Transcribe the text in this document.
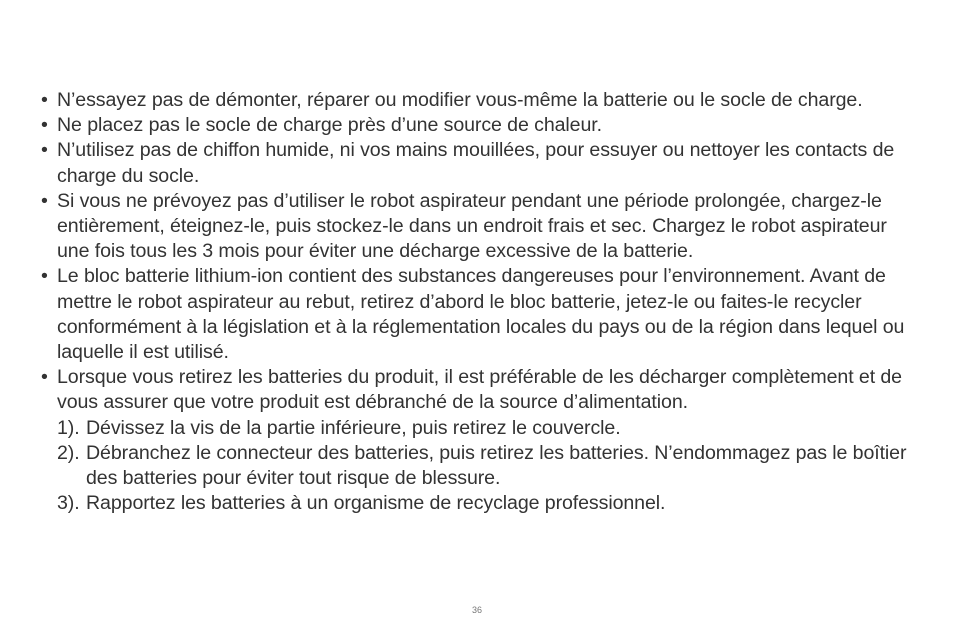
• N’essayez pas de démonter, réparer ou modifier vous-même la batterie ou le socle de charge.
• Ne placez pas le socle de charge près d’une source de chaleur.
• N’utilisez pas de chiffon humide, ni vos mains mouillées, pour essuyer ou nettoyer les contacts de charge du socle.
• Si vous ne prévoyez pas d’utiliser le robot aspirateur pendant une période prolongée, chargez-le entièrement, éteignez-le, puis stockez-le dans un endroit frais et sec. Chargez le robot aspirateur une fois tous les 3 mois pour éviter une décharge excessive de la batterie.
• Le bloc batterie lithium-ion contient des substances dangereuses pour l’environnement. Avant de mettre le robot aspirateur au rebut, retirez d’abord le bloc batterie, jetez-le ou faites-le recycler conformément à la législation et à la réglementation locales du pays ou de la région dans lequel ou laquelle il est utilisé.
• Lorsque vous retirez les batteries du produit, il est préférable de les décharger complètement et de vous assurer que votre produit est débranché de la source d’alimentation.
1). Dévissez la vis de la partie inférieure, puis retirez le couvercle.
2). Débranchez le connecteur des batteries, puis retirez les batteries. N’endommagez pas le boîtier des batteries pour éviter tout risque de blessure.
3). Rapportez les batteries à un organisme de recyclage professionnel.
36
